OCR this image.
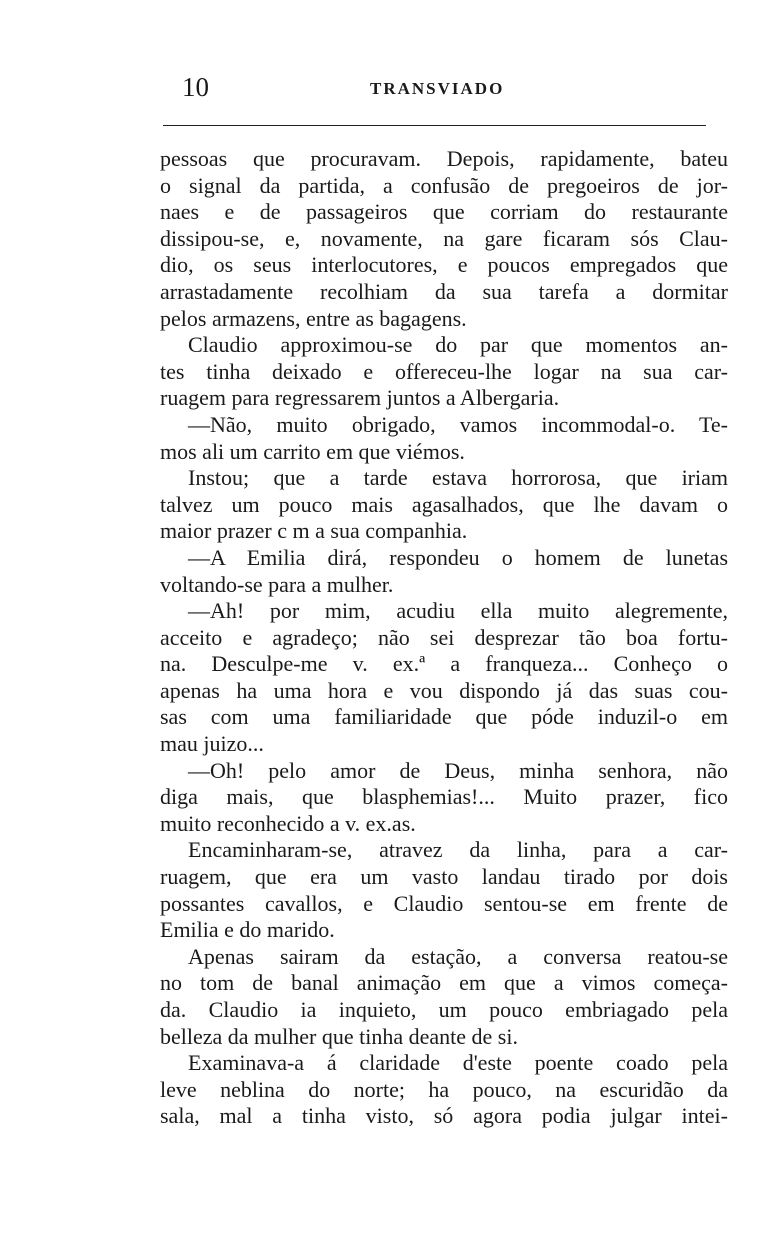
10	TRANSVIADO
pessoas que procuravam. Depois, rapidamente, bateu
o signal da partida, a confusão de pregoeiros de jor-
naes e de passageiros que corriam do restaurante
dissipou-se, e, novamente, na gare ficaram sós Clau-
dio, os seus interlocutores, e poucos empregados que
arrastadamente recolhiam da sua tarefa a dormitar
pelos armazens, entre as bagagens.
Claudio approximou-se do par que momentos an-
tes tinha deixado e offereceu-lhe logar na sua car-
ruagem para regressarem juntos a Albergaria.
—Não, muito obrigado, vamos incommodal-o. Te-
mos ali um carrito em que viémos.
Instou; que a tarde estava horrorosa, que iriam
talvez um pouco mais agasalhados, que lhe davam o
maior prazer c m a sua companhia.
—A Emilia dirá, respondeu o homem de lunetas
voltando-se para a mulher.
—Ah! por mim, acudiu ella muito alegremente,
acceito e agradeço; não sei desprezar tão boa fortu-
na. Desculpe-me v. ex.ª a franqueza... Conheço o
apenas ha uma hora e vou dispondo já das suas cou-
sas com uma familiaridade que póde induzil-o em
mau juizo...
—Oh! pelo amor de Deus, minha senhora, não
diga mais, que blasphemias!... Muito prazer, fico
muito reconhecido a v. ex.as.
Encaminharam-se, atravez da linha, para a car-
ruagem, que era um vasto landau tirado por dois
possantes cavallos, e Claudio sentou-se em frente de
Emilia e do marido.
Apenas sairam da estação, a conversa reatou-se
no tom de banal animação em que a vimos começa-
da. Claudio ia inquieto, um pouco embriagado pela
belleza da mulher que tinha deante de si.
Examinava-a á claridade d'este poente coado pela
leve neblina do norte; ha pouco, na escuridão da
sala, mal a tinha visto, só agora podia julgar intei-
